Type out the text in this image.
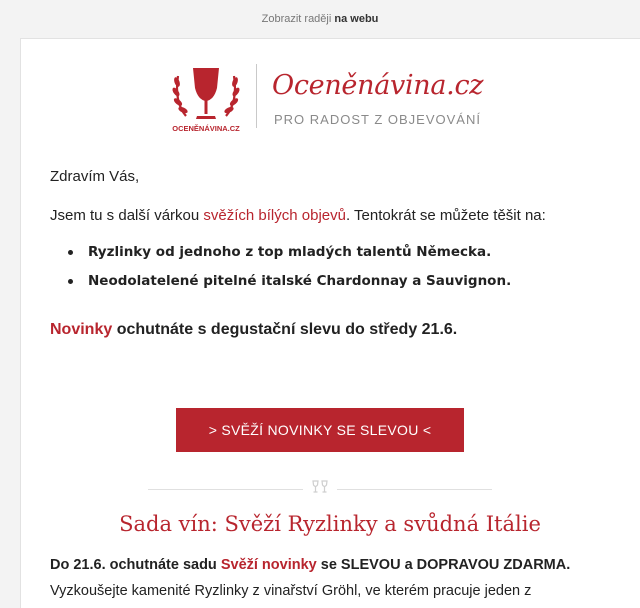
Zobrazit raději na webu
OCENĚNÁVINA.CZ
Oceněnávina.cz
PRO RADOST Z OBJEVOVÁNÍ
Zdravím Vás,
Jsem tu s další várkou svěžích bílých objevů. Tentokrát se můžete těšit na:
Ryzlinky od jednoho z top mladých talentů Německa.
Neodolatelené pitelné italské Chardonnay a Sauvignon.
Novinky ochutnáte s degustační slevu do středy 21.6.
> SVĚŽÍ NOVINKY SE SLEVOU <
Sada vín: Svěží Ryzlinky a svůdná Itálie
Do 21.6. ochutnáte sadu Svěží novinky se SLEVOU a DOPRAVOU ZDARMA.
Vyzkoušejte kamenité Ryzlinky z vinařství Gröhl, ve kterém pracuje jeden z
